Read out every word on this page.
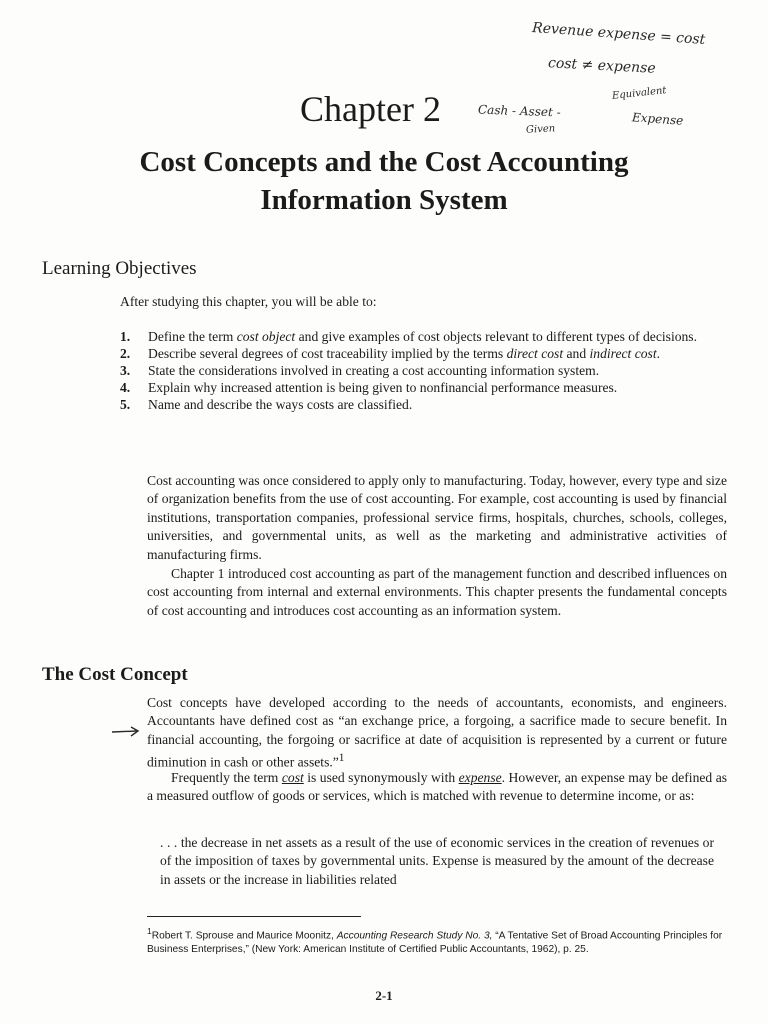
Revenue expense = cost
cost ≠ expense
Cash - Asset -
Equivalent
Expense
Given
Chapter 2
Cost Concepts and the Cost Accounting
Information System
Learning Objectives
After studying this chapter, you will be able to:
1. Define the term cost object and give examples of cost objects relevant to different types of decisions.
2. Describe several degrees of cost traceability implied by the terms direct cost and indirect cost.
3. State the considerations involved in creating a cost accounting information system.
4. Explain why increased attention is being given to nonfinancial performance measures.
5. Name and describe the ways costs are classified.

Cost accounting was once considered to apply only to manufacturing. Today, however, every type and size of organization benefits from the use of cost accounting. For example, cost accounting is used by financial institutions, transportation companies, professional service firms, hospitals, churches, schools, colleges, universities, and governmental units, as well as the marketing and administrative activities of manufacturing firms.

Chapter 1 introduced cost accounting as part of the management function and described influences on cost accounting from internal and external environments. This chapter presents the fundamental concepts of cost accounting and introduces cost accounting as an information system.

The Cost Concept

Cost concepts have developed according to the needs of accountants, economists, and engineers. Accountants have defined cost as “an exchange price, a forgoing, a sacrifice made to secure benefit. In financial accounting, the forgoing or sacrifice at date of acquisition is represented by a current or future diminution in cash or other assets.”$^1$

Frequently the term cost is used synonymously with expense. However, an expense may be defined as a measured outflow of goods or services, which is matched with revenue to determine income, or as:

. . . the decrease in net assets as a result of the use of economic services in the creation of revenues or of the imposition of taxes by governmental units. Expense is measured by the amount of the decrease in assets or the increase in liabilities related

$^1$Robert T. Sprouse and Maurice Moonitz, Accounting Research Study No. 3, “A Tentative Set of Broad Accounting Principles for Business Enterprises,” (New York: American Institute of Certified Public Accountants, 1962), p. 25.

2-1
